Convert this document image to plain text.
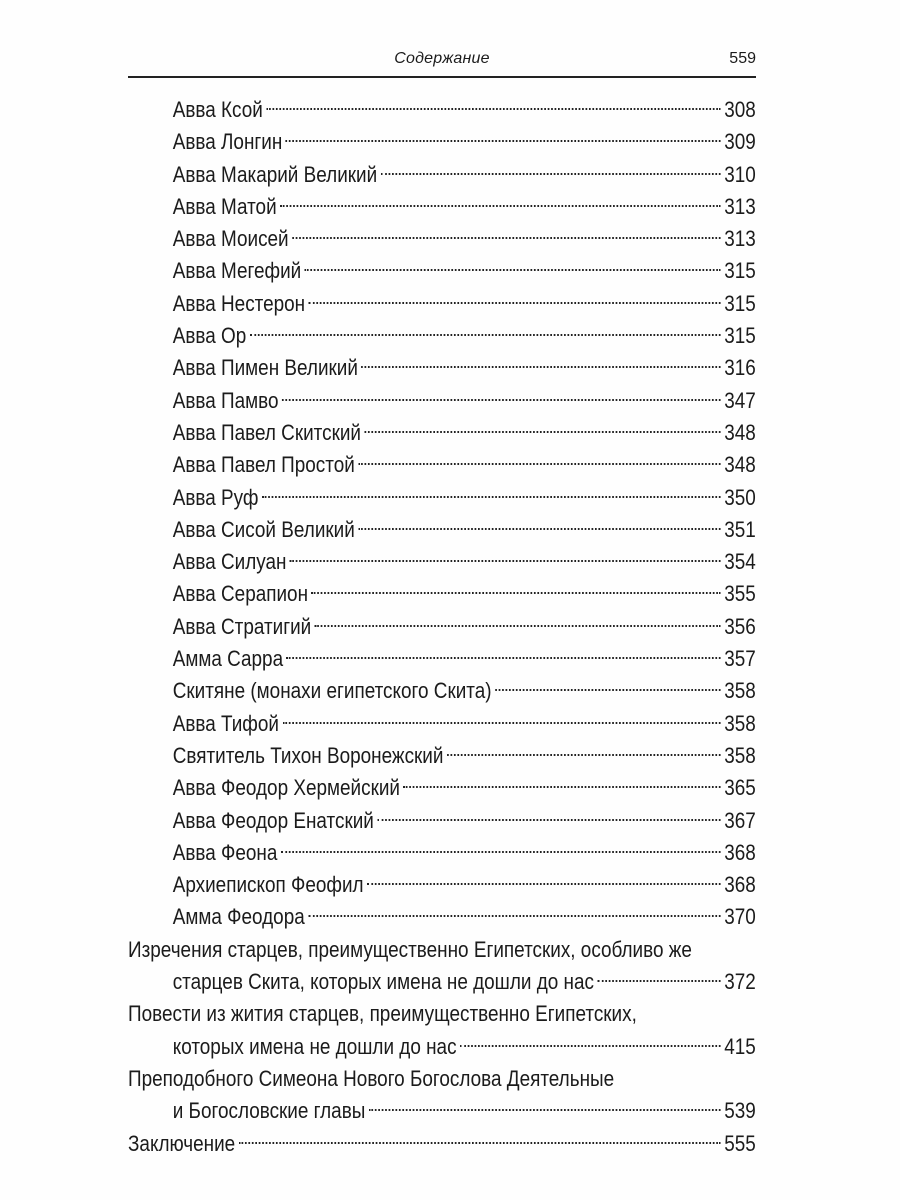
Содержание	559
Авва Ксой	308
Авва Лонгин	309
Авва Макарий Великий	310
Авва Матой	313
Авва Моисей	313
Авва Мегефий	315
Авва Нестерон	315
Авва Ор	315
Авва Пимен Великий	316
Авва Памво	347
Авва Павел Скитский	348
Авва Павел Простой	348
Авва Руф	350
Авва Сисой Великий	351
Авва Силуан	354
Авва Серапион	355
Авва Стратигий	356
Амма Сарра	357
Скитяне (монахи египетского Скита)	358
Авва Тифой	358
Святитель Тихон Воронежский	358
Авва Феодор Хермейский	365
Авва Феодор Енатский	367
Авва Феона	368
Архиепископ Феофил	368
Амма Феодора	370
Изречения старцев, преимущественно Египетских, особливо же
старцев Скита, которых имена не дошли до нас	372
Повести из жития старцев, преимущественно Египетских,
которых имена не дошли до нас	415
Преподобного Симеона Нового Богослова Деятельные
и Богословские главы	539
Заключение	555
